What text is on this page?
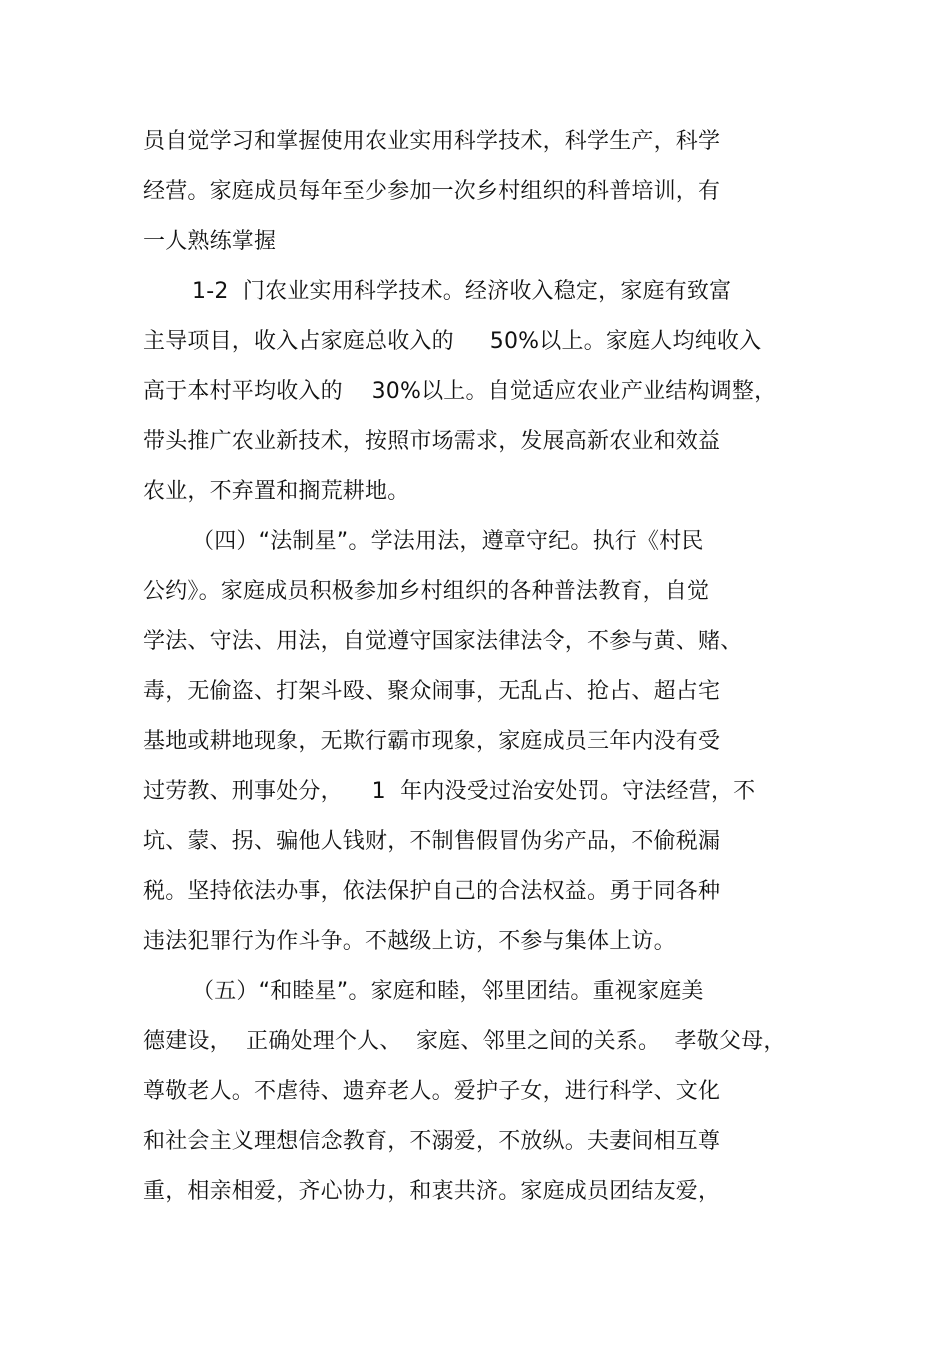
员自觉学习和掌握使用农业实用科学技术，科学生产，科学
经营。家庭成员每年至少参加一次乡村组织的科普培训，有
一人熟练掌握
1-2  门农业实用科学技术。经济收入稳定，家庭有致富
主导项目，收入占家庭总收入的     50%以上。家庭人均纯收入
高于本村平均收入的    30%以上。自觉适应农业产业结构调整，
带头推广农业新技术，按照市场需求，发展高新农业和效益
农业，不弃置和搁荒耕地。
（四）“法制星”。学法用法，遵章守纪。执行《村民
公约》。家庭成员积极参加乡村组织的各种普法教育，自觉
学法、守法、用法，自觉遵守国家法律法令，不参与黄、赌、
毒，无偷盗、打架斗殴、聚众闹事，无乱占、抢占、超占宅
基地或耕地现象，无欺行霸市现象，家庭成员三年内没有受
过劳教、刑事处分，    1  年内没受过治安处罚。守法经营，不
坑、蒙、拐、骗他人钱财，不制售假冒伪劣产品，不偷税漏
税。坚持依法办事，依法保护自己的合法权益。勇于同各种
违法犯罪行为作斗争。不越级上访，不参与集体上访。
（五）“和睦星”。家庭和睦，邻里团结。重视家庭美
德建设，  正确处理个人、  家庭、邻里之间的关系。  孝敬父母，
尊敬老人。不虐待、遗弃老人。爱护子女，进行科学、文化
和社会主义理想信念教育，不溺爱，不放纵。夫妻间相互尊
重，相亲相爱，齐心协力，和衷共济。家庭成员团结友爱，
